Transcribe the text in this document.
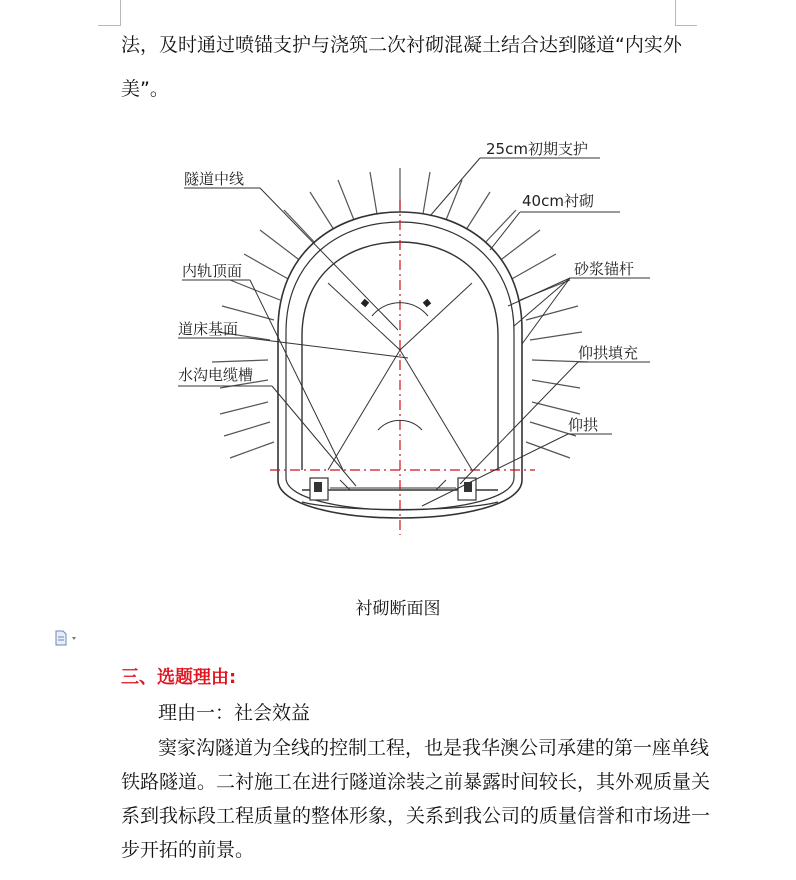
法，及时通过喷锚支护与浇筑二次衬砌混凝土结合达到隧道“内实外
美”。
25cm初期支护
40cm衬砌
隧道中线
内轨顶面
道床基面
水沟电缆槽
砂浆锚杆
仰拱填充
仰拱
衬砌断面图
三、选题理由:
理由一：社会效益
窦家沟隧道为全线的控制工程，也是我华澳公司承建的第一座单线
铁路隧道。二衬施工在进行隧道涂装之前暴露时间较长，其外观质量关
系到我标段工程质量的整体形象，关系到我公司的质量信誉和市场进一
步开拓的前景。
